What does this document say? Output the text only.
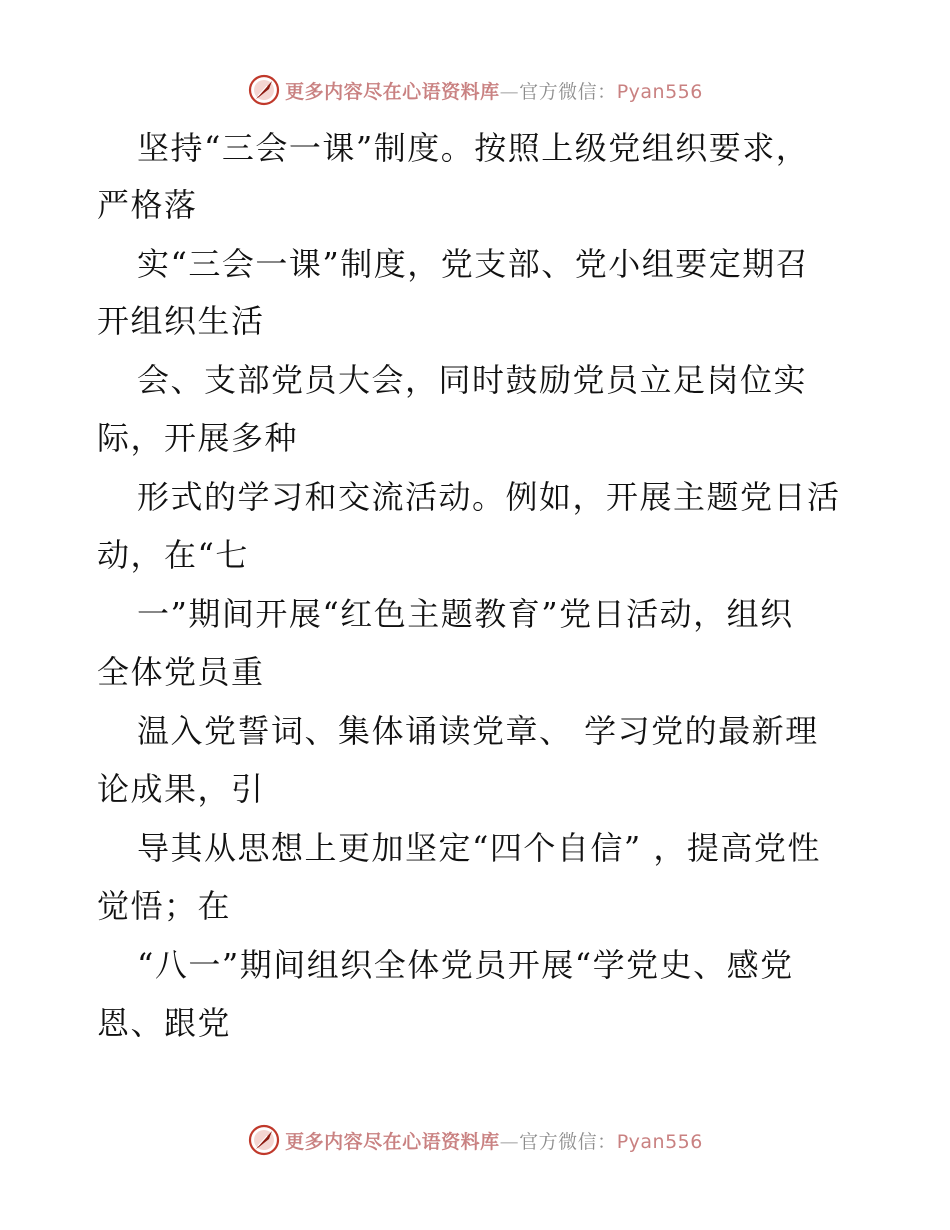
更多内容尽在心语资料库—官方微信：Pyan556
坚持“三会一课”制度。按照上级党组织要求，
严格落
实“三会一课”制度，党支部、党小组要定期召
开组织生活
会、支部党员大会，同时鼓励党员立足岗位实
际，开展多种
形式的学习和交流活动。例如，开展主题党日活
动，在“七
一”期间开展“红色主题教育”党日活动，组织
全体党员重
温入党誓词、集体诵读党章、 学习党的最新理
论成果，引
导其从思想上更加坚定“四个自信” ，提高党性
觉悟；在
“八一”期间组织全体党员开展“学党史、感党
恩、跟党
更多内容尽在心语资料库—官方微信：Pyan556
